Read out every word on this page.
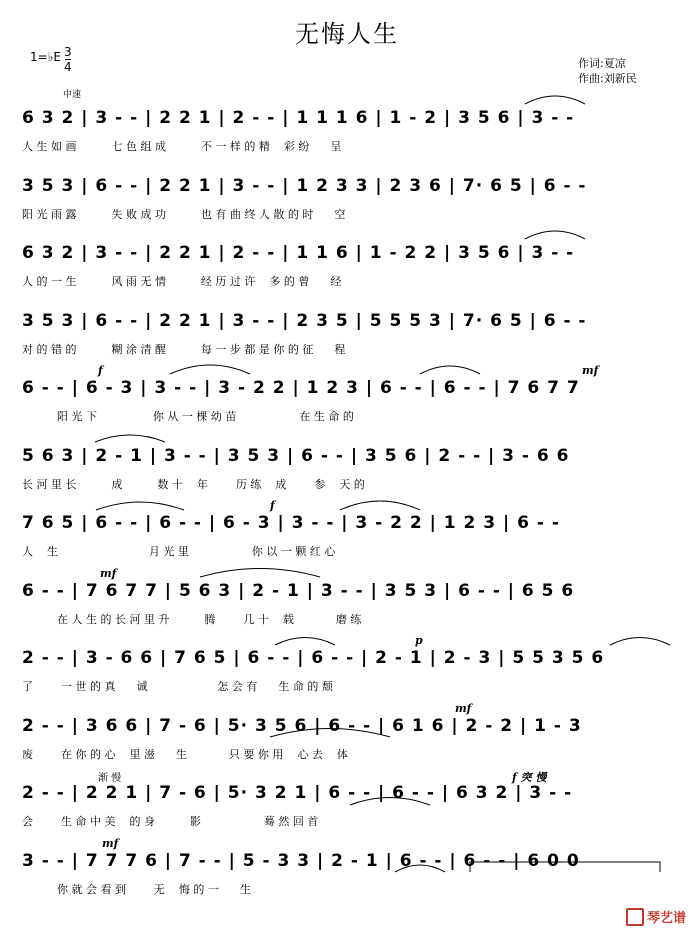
无悔人生
1=♭E 3
4
中速
作词:夏凉
作曲:刘新民
6 3 2 | 3 - - | 2 2 1 | 2 - - | 1 1 1 6 | 1 - 2 | 3 5 6 | 3 - -
人 生 如 画          七 色 组 成          不 一 样 的 精    彩 纷      呈
3 5 3 | 6 - - | 2 2 1 | 3 - - | 1 2 3 3 | 2 3 6 | 7· 6 5 | 6 - -
阳 光 雨 露          失 败 成 功          也 有 曲 终 人 散 的 时      空
6 3 2 | 3 - - | 2 2 1 | 2 - - | 1 1 6 | 1 - 2 2 | 3 5 6 | 3 - -
人 的 一 生          风 雨 无 情          经 历 过 许    多 的 曾      经
3 5 3 | 6 - - | 2 2 1 | 3 - - | 2 3 5 | 5 5 5 3 | 7· 6 5 | 6 - -
对 的 错 的          糊 涂 清 醒          每 一 步 都 是 你 的 征      程
f	mf
6 - - | 6 - 3 | 3 - - | 3 - 2 2 | 1 2 3 | 6 - - | 6 - - | 7 6 7 7
阳 光 下                你 从 一 棵 幼 苗                  在 生 命 的
5 6 3 | 2 - 1 | 3 - - | 3 5 3 | 6 - - | 3 5 6 | 2 - - | 3 - 6 6
长 河 里 长          成          数 十    年        历 练    成        参    天 的
f
7 6 5 | 6 - - | 6 - - | 6 - 3 | 3 - - | 3 - 2 2 | 1 2 3 | 6 - -
人    生                          月 光 里                  你 以 一 颗 红 心
mf
6 - - | 7 6 7 7 | 5 6 3 | 2 - 1 | 3 - - | 3 5 3 | 6 - - | 6 5 6
在 人 生 的 长 河 里 升          腾        几 十    载            磨 练
p
2 - - | 3 - 6 6 | 7 6 5 | 6 - - | 6 - - | 2 - 1 | 2 - 3 | 5 5 3 5 6
了        一 世 的 真      诚                    怎 会 有      生 命 的 颓
mf
2 - - | 3 6 6 | 7 - 6 | 5· 3 5 6 | 6 - - | 6 1 6 | 2 - 2 | 1 - 3
废        在 你 的 心    里 滋      生            只 要 你 用    心 去    体
渐 慢	f 突 慢
2 - - | 2 2 1 | 7 - 6 | 5· 3 2 1 | 6 - - | 6 - - | 6 3 2 | 3 - -
会        生 命 中 美    的 身          影                  蓦 然 回 首
mf
3 - - | 7 7 7 6 | 7 - - | 5 - 3 3 | 2 - 1 | 6 - - | 6 - - | 6 0 0
你 就 会 看 到        无    悔 的 一      生
琴艺谱
